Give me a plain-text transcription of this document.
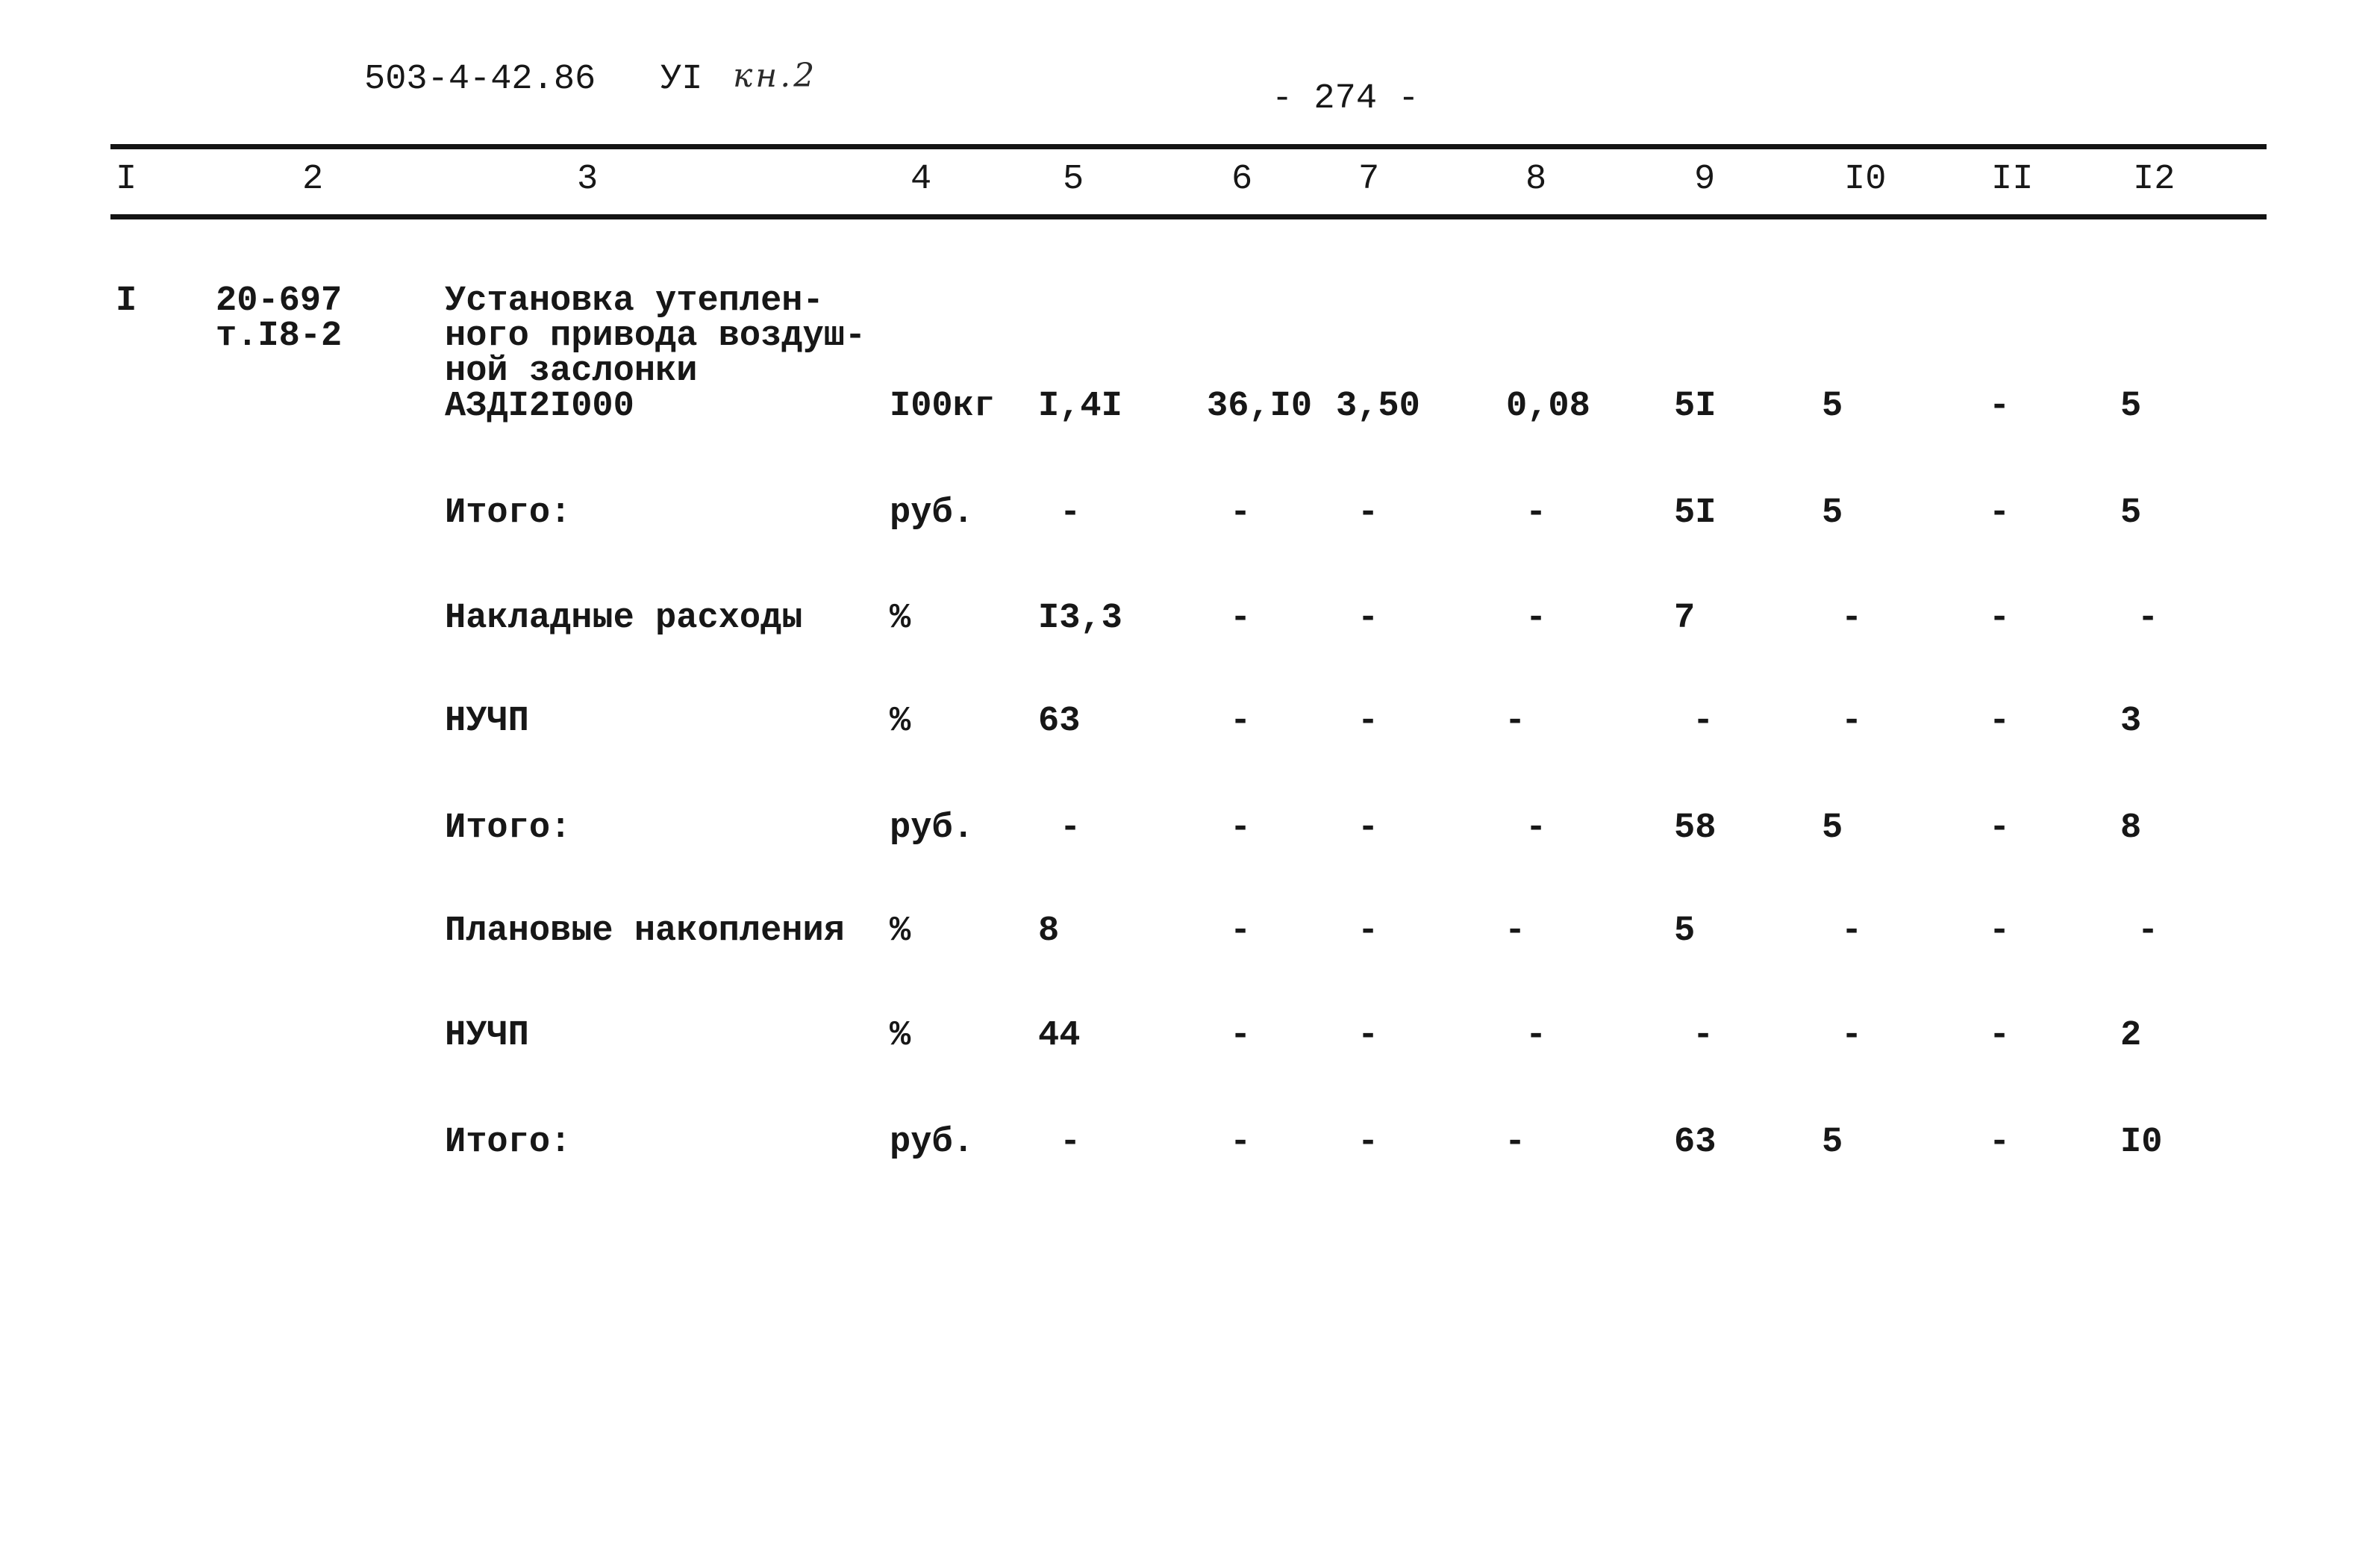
503-4-42.86 УI кн.2
- 274 -
I	2	3	4	5	6	7	8	9	I0	II	I2
I 20-697
т.I8-2
Установка утеплен-
ного привода воздуш-
ной заслонки
АЗДI2I000	I00кг I,4I 36,I0 3,50 0,08 5I	5	-	5
Итого:	руб. -	-	-	-	5I	5	-	5
Накладные расходы %	I3,3	-	-	-	7	-	-	-
НУЧП	%	63	-	-	-	-	-	-	3
Итого:	руб. -	-	-	-	58	5	-	8
Плановые накопления %	8	-	-	-	5	-	-	-
НУЧП	%	44	-	-	-	-	-	-	2
Итого:	руб. -	-	-	-	63	5	-	I0
